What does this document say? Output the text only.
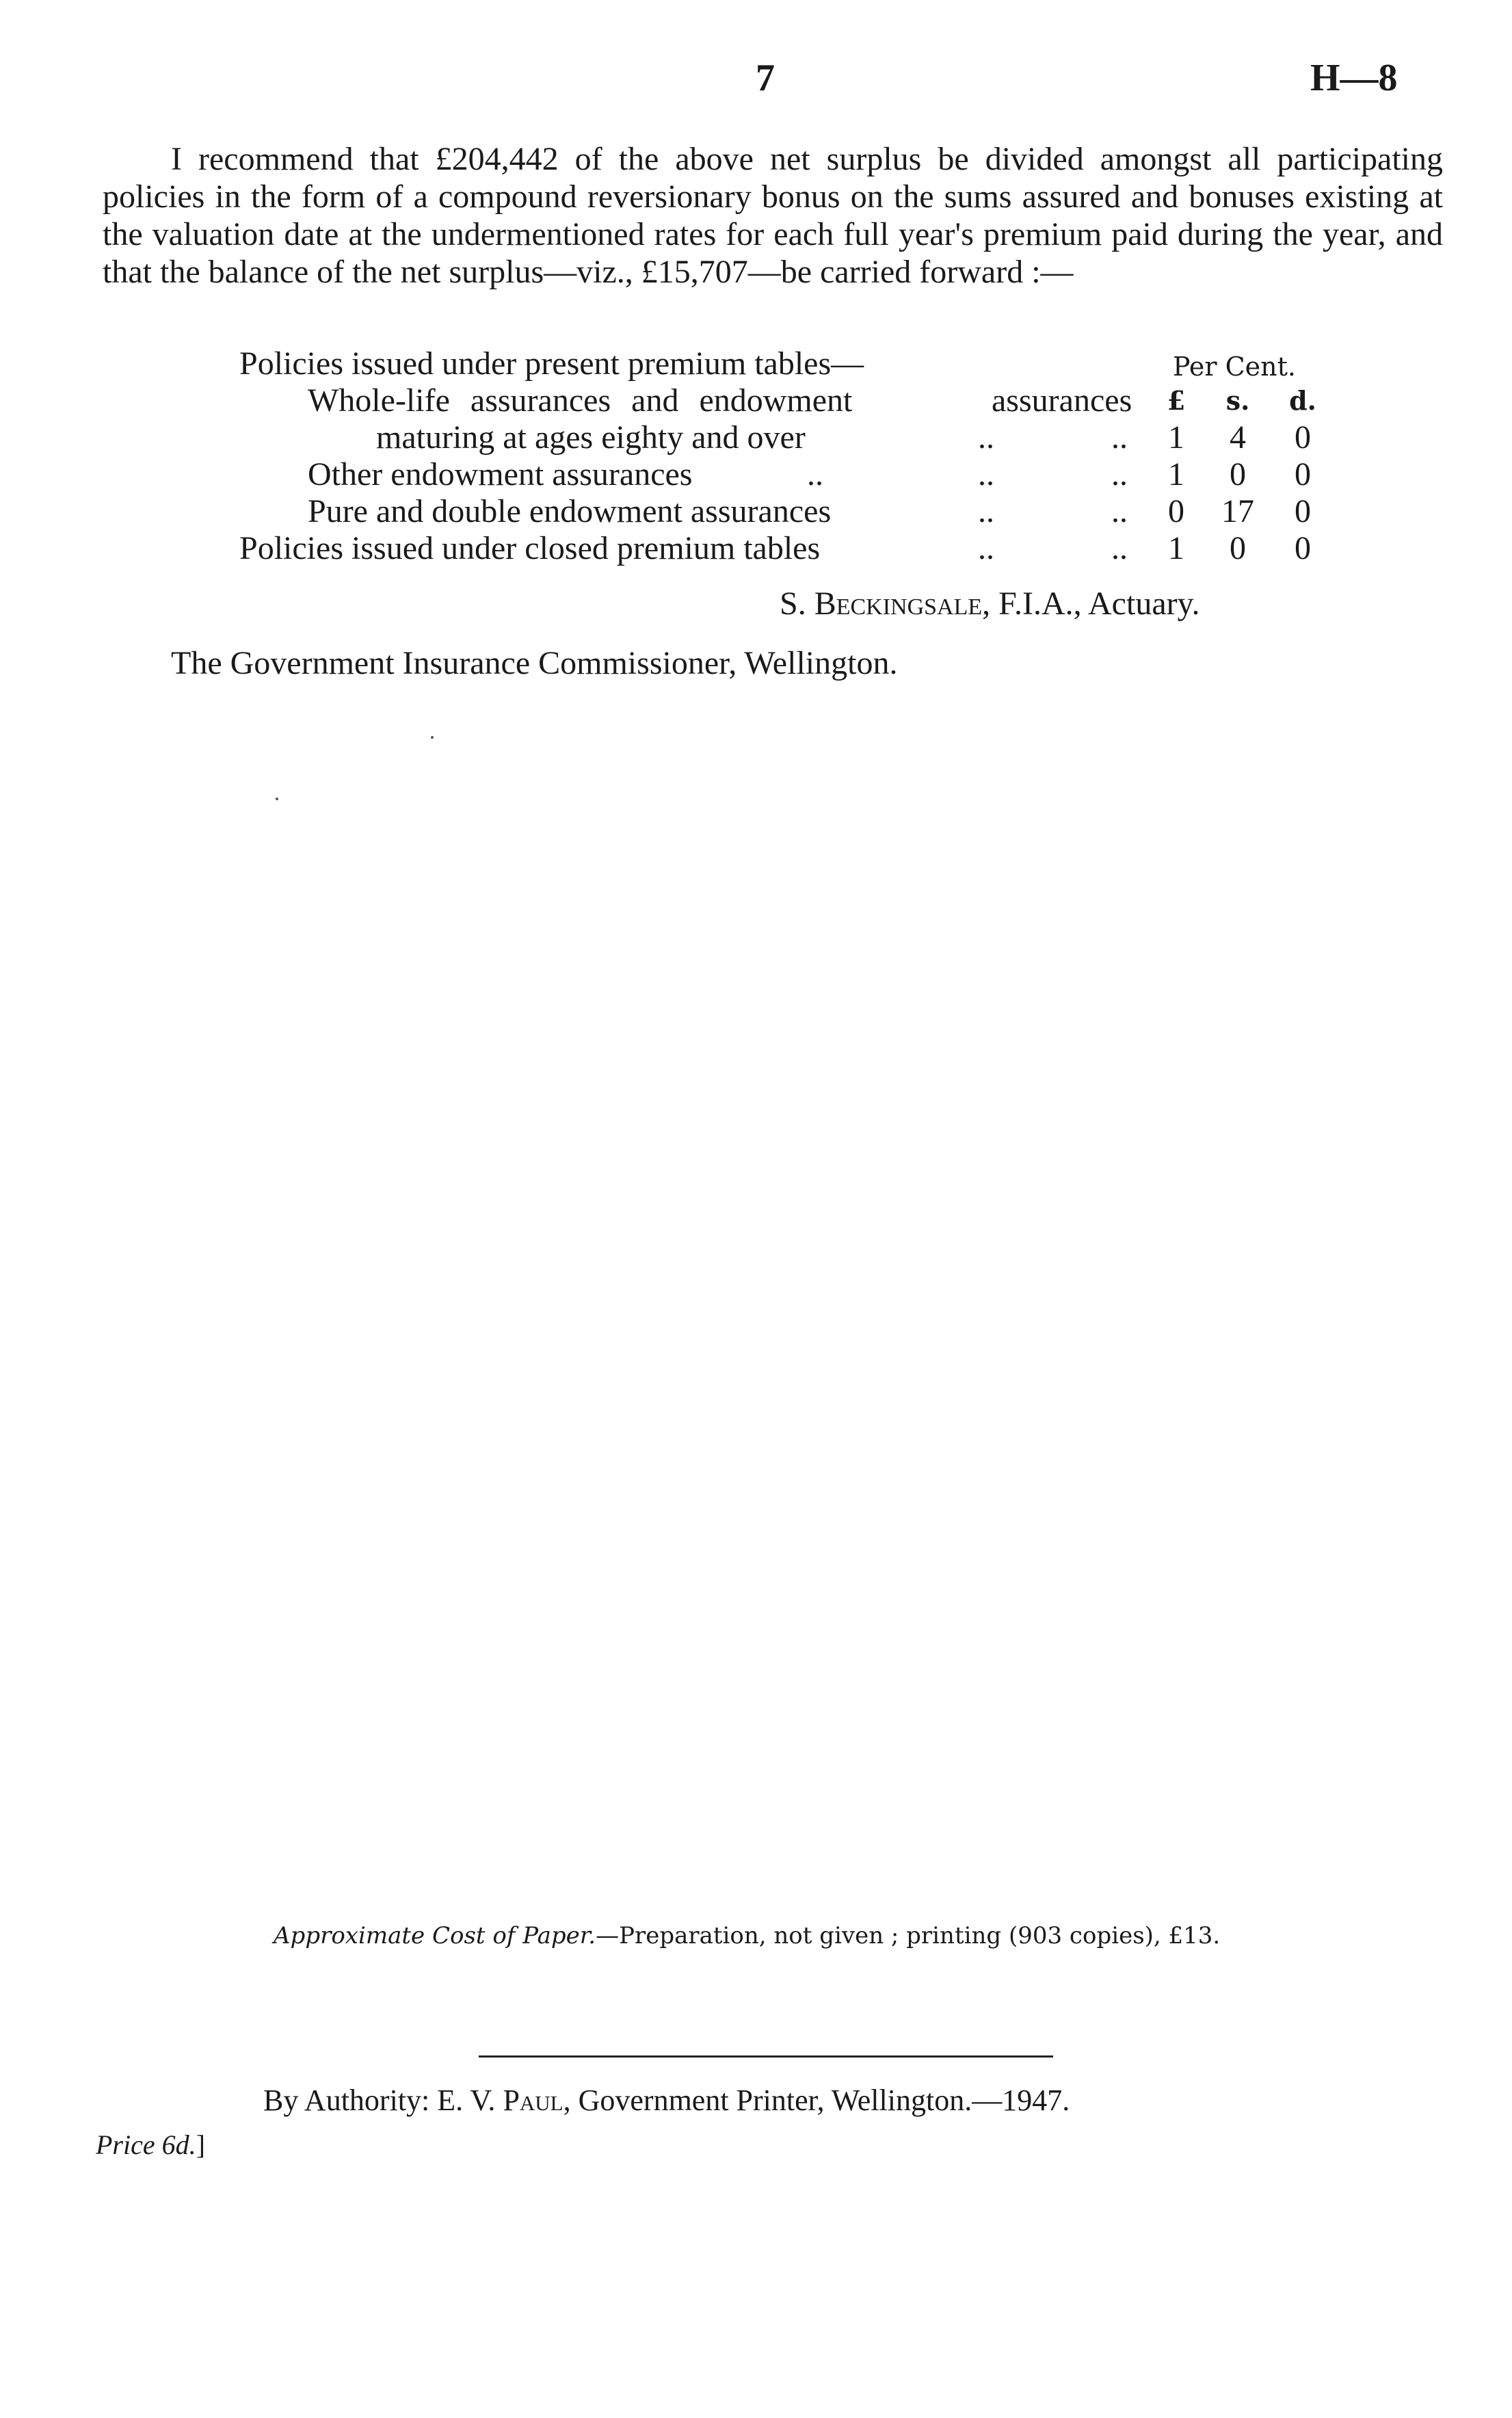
7	H—8
I recommend that £204,442 of the above net surplus be divided amongst all participating policies in the form of a compound reversionary bonus on the sums assured and bonuses existing at the valuation date at the undermentioned rates for each full year's premium paid during the year, and that the balance of the net surplus—viz., £15,707—be carried forward :—
Policies issued under present premium tables—	Per Cent.
Whole-life assurances and endowment	assurances	£	s. d.
maturing at ages eighty and over	..	.. 1 4 0
Other endowment assurances	..	..	.. 1 0 0
Pure and double endowment assurances	..	.. 0 17 0
Policies issued under closed premium tables	..	.. 1 0 0
S. Beckingsale, F.I.A., Actuary.
The Government Insurance Commissioner, Wellington.
Approximate Cost of Paper.—Preparation, not given ; printing (903 copies), £13.
By Authority: E. V. Paul, Government Printer, Wellington.—1947.
Price 6d.]
